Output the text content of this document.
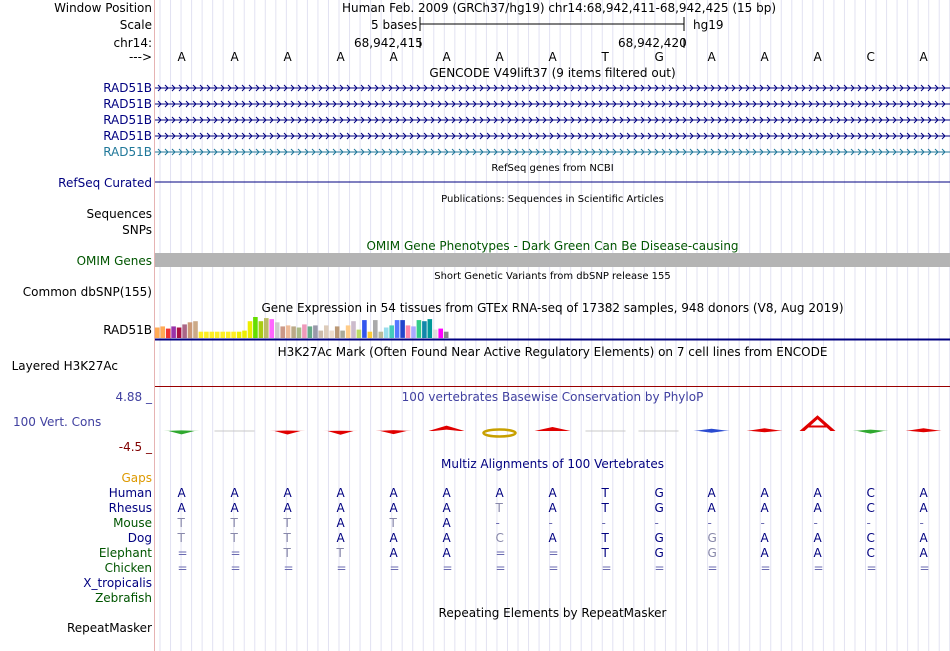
Window Position	Human Feb. 2009 (GRCh37/hg19) chr14:68,942,411-68,942,425 (15 bp)
Scale	5 bases	hg19
chr14:	68,942,415	68,942,420
---> A	A	A	A	A	A	A	A	T	G	A	A	A	C	A
GENCODE V49lift37 (9 items filtered out)
RAD51B
RAD51B
RAD51B
RAD51B
RAD51B
RefSeq genes from NCBI
RefSeq Curated
Publications: Sequences in Scientific Articles
Sequences
SNPs
OMIM Gene Phenotypes - Dark Green Can Be Disease-causing
OMIM Genes
Short Genetic Variants from dbSNP release 155
Common dbSNP(155)
Gene Expression in 54 tissues from GTEx RNA-seq of 17382 samples, 948 donors (V8, Aug 2019)
RAD51B
H3K27Ac Mark (Often Found Near Active Regulatory Elements) on 7 cell lines from ENCODE
Layered H3K27Ac
100 vertebrates Basewise Conservation by PhyloP
4.88 _
100 Vert. Cons
-4.5 _
Multiz Alignments of 100 Vertebrates
Gaps
Human A	A	A	A	A	A	A	A	T	G	A	A	A	C	A
Rhesus A	A	A	A	A	A	T	A	T	G	A	A	A	C	A
Mouse T	T	T	A	T	A	-	-	-	-	-	-	-	-	-
Dog T	T	T	A	A	A	C	A	T	G	G	A	A	C	A
Elephant =	=	T	T	A	A	=	=	T	G	G	A	A	C	A
Chicken =	=	=	=	=	=	=	=	=	=	=	=	=	=	=
X_tropicalis
Zebrafish
Repeating Elements by RepeatMasker
RepeatMasker
